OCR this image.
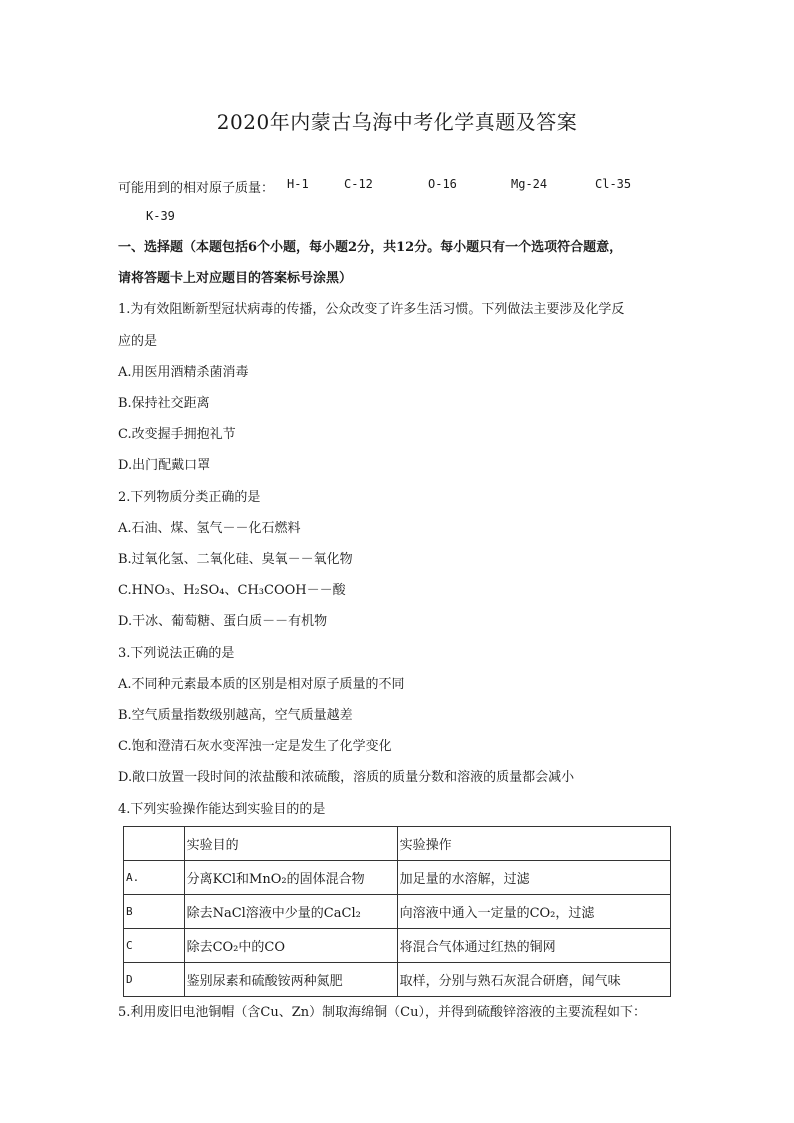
2020年内蒙古乌海中考化学真题及答案
可能用到的相对原子质量： H-1	C-12	O-16	Mg-24	Cl-35
K-39
一、选择题（本题包括6个小题，每小题2分，共12分。每小题只有一个选项符合题意，
请将答题卡上对应题目的答案标号涂黑）
1.为有效阻断新型冠状病毒的传播，公众改变了许多生活习惯。下列做法主要涉及化学反
应的是
A.用医用酒精杀菌消毒
B.保持社交距离
C.改变握手拥抱礼节
D.出门配戴口罩
2.下列物质分类正确的是
A.石油、煤、氢气－－化石燃料
B.过氧化氢、二氧化硅、臭氧－－氧化物
C.HNO₃、H₂SO₄、CH₃COOH－－酸
D.干冰、葡萄糖、蛋白质－－有机物
3.下列说法正确的是
A.不同种元素最本质的区别是相对原子质量的不同
B.空气质量指数级别越高，空气质量越差
C.饱和澄清石灰水变浑浊一定是发生了化学变化
D.敞口放置一段时间的浓盐酸和浓硫酸，溶质的质量分数和溶液的质量都会减小
4.下列实验操作能达到实验目的的是
	实验目的	实验操作
A.	分离KCl和MnO₂的固体混合物	加足量的水溶解，过滤
B	除去NaCl溶液中少量的CaCl₂	向溶液中通入一定量的CO₂，过滤
C	除去CO₂中的CO	将混合气体通过红热的铜网
D	鉴别尿素和硫酸铵两种氮肥	取样，分别与熟石灰混合研磨，闻气味
5.利用废旧电池铜帽（含Cu、Zn）制取海绵铜（Cu），并得到硫酸锌溶液的主要流程如下：
